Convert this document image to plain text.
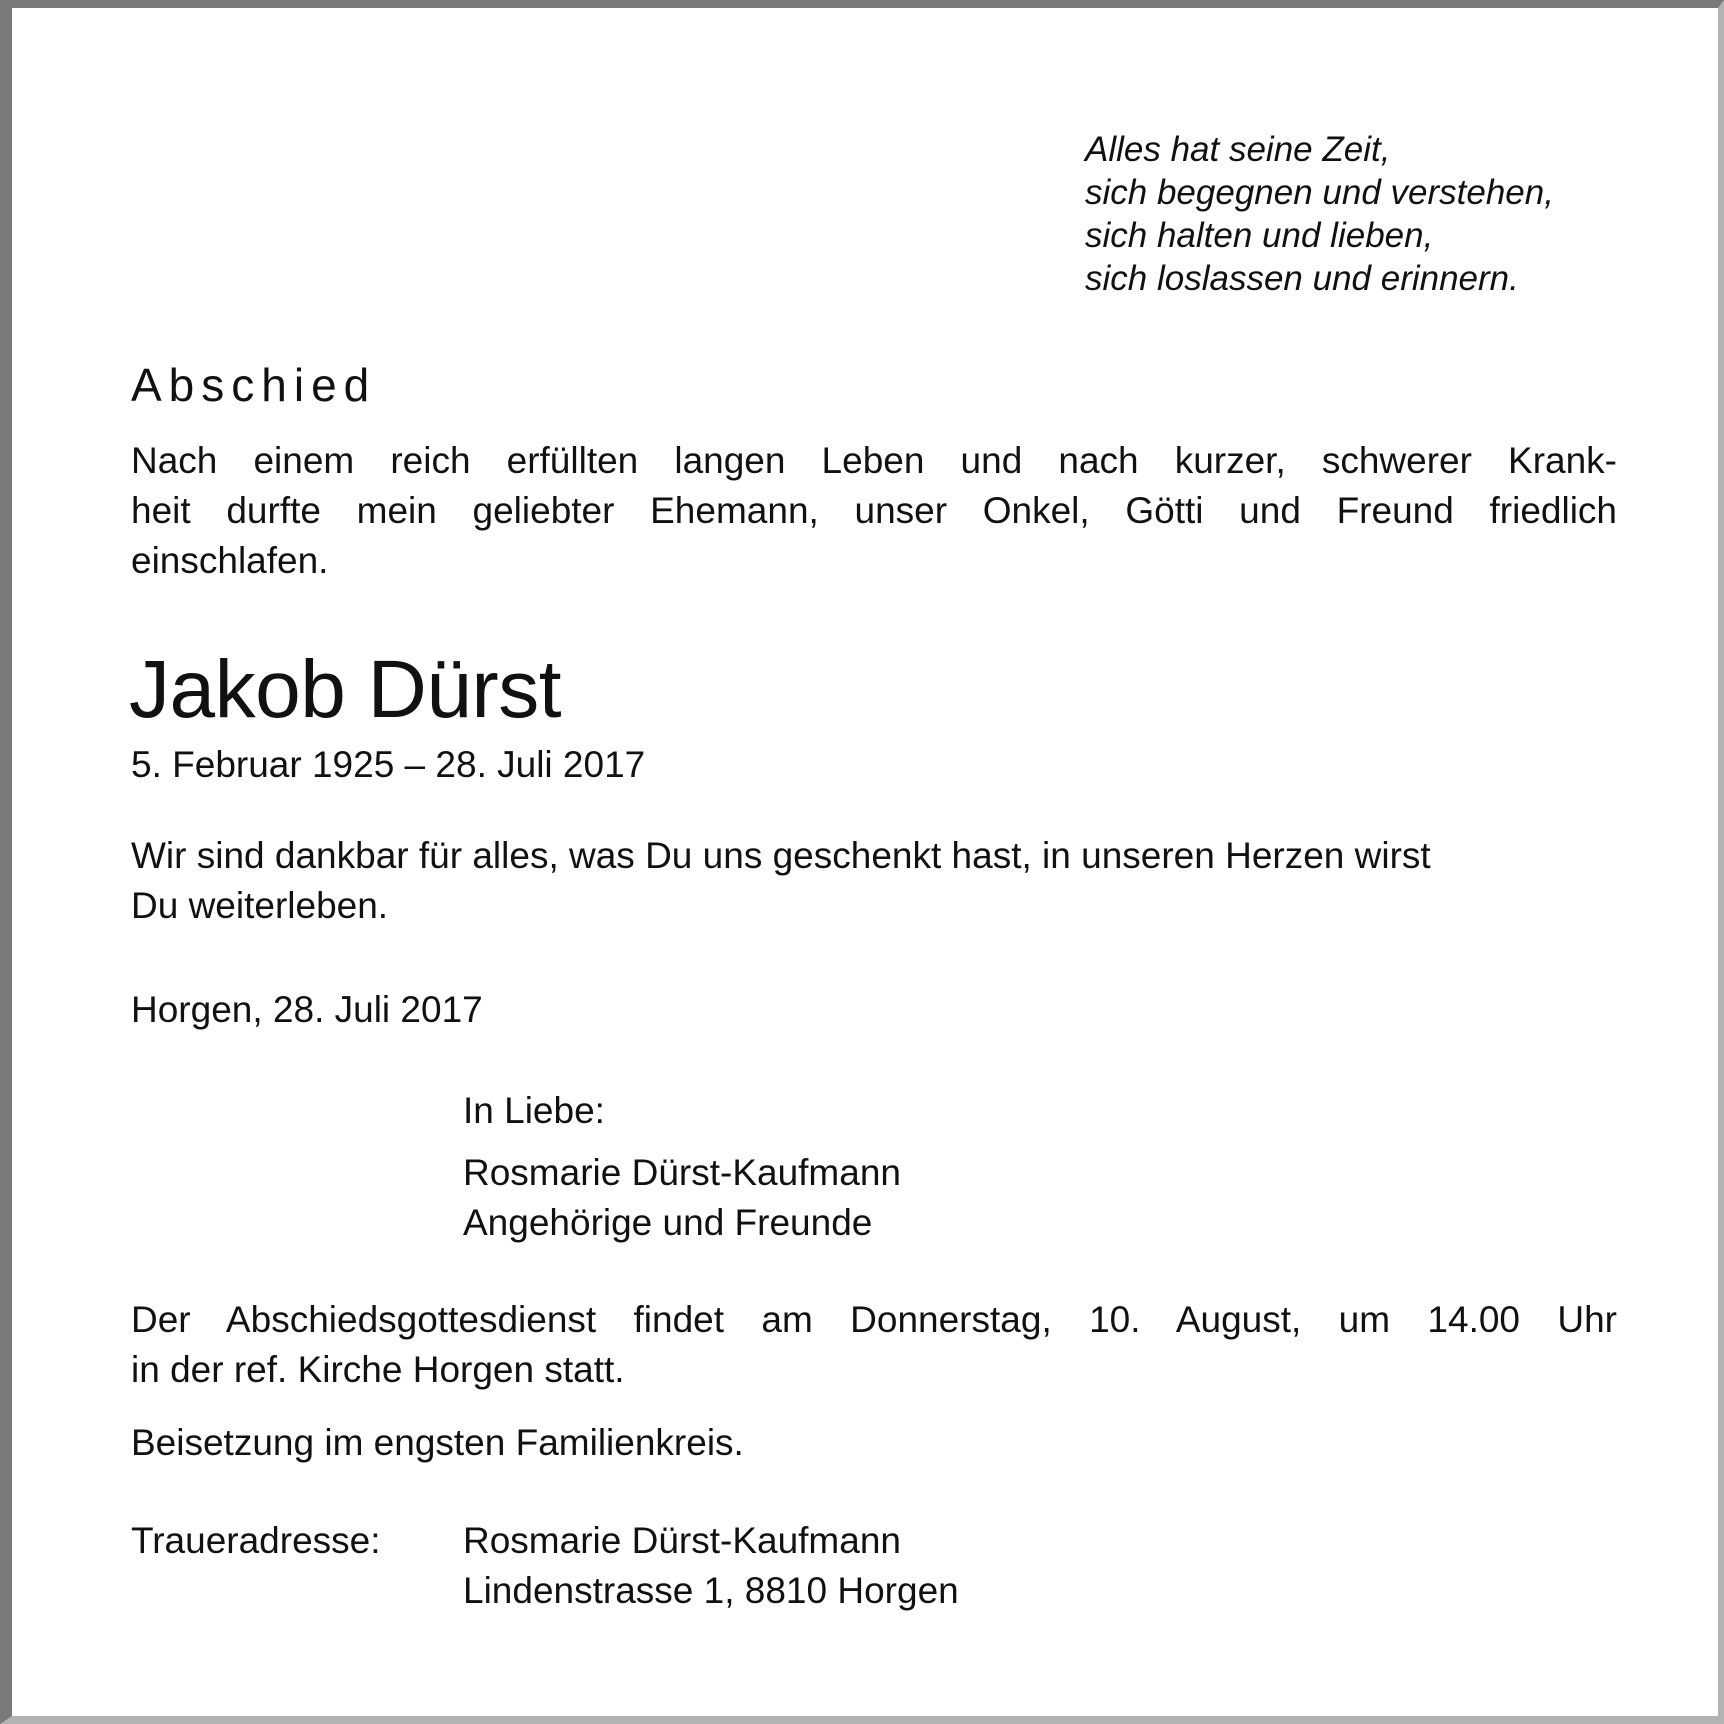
Alles hat seine Zeit,
sich begegnen und verstehen,
sich halten und lieben,
sich loslassen und erinnern.
Abschied
Nach einem reich erfüllten langen Leben und nach kurzer, schwerer Krank-
heit durfte mein geliebter Ehemann, unser Onkel, Götti und Freund friedlich
einschlafen.
Jakob Dürst
5. Februar 1925 – 28. Juli 2017
Wir sind dankbar für alles, was Du uns geschenkt hast, in unseren Herzen wirst
Du weiterleben.
Horgen, 28. Juli 2017
In Liebe:
Rosmarie Dürst-Kaufmann
Angehörige und Freunde
Der Abschiedsgottesdienst findet am Donnerstag, 10. August, um 14.00 Uhr
in der ref. Kirche Horgen statt.
Beisetzung im engsten Familienkreis.
Traueradresse: Rosmarie Dürst-Kaufmann
Lindenstrasse 1, 8810 Horgen
